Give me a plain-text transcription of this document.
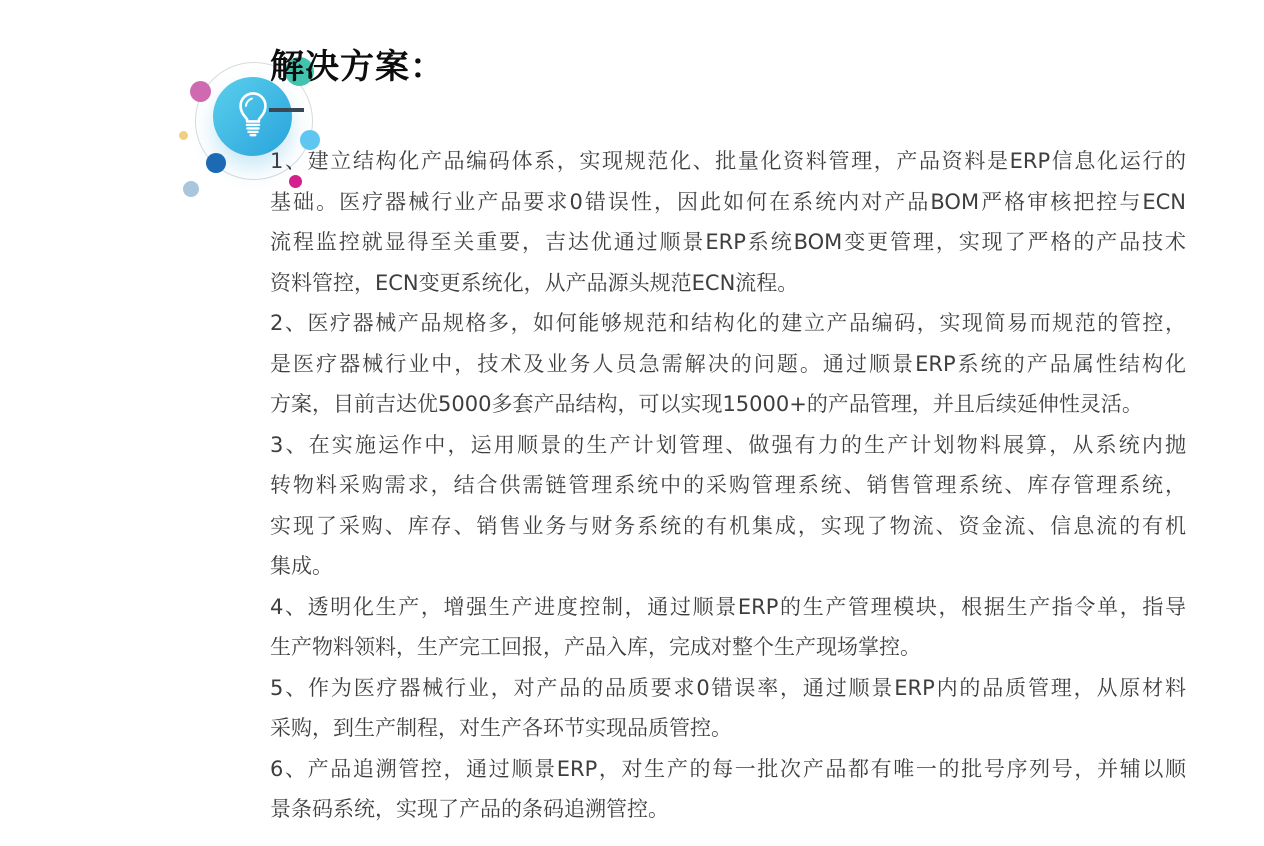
解决方案：
1、建立结构化产品编码体系，实现规范化、批量化资料管理，产品资料是ERP信息化运行的
基础。医疗器械行业产品要求0错误性，因此如何在系统内对产品BOM严格审核把控与ECN
流程监控就显得至关重要，吉达优通过顺景ERP系统BOM变更管理，实现了严格的产品技术
资料管控，ECN变更系统化，从产品源头规范ECN流程。
2、医疗器械产品规格多，如何能够规范和结构化的建立产品编码，实现简易而规范的管控，
是医疗器械行业中，技术及业务人员急需解决的问题。通过顺景ERP系统的产品属性结构化
方案，目前吉达优5000多套产品结构，可以实现15000+的产品管理，并且后续延伸性灵活。
3、在实施运作中，运用顺景的生产计划管理、做强有力的生产计划物料展算，从系统内抛
转物料采购需求，结合供需链管理系统中的采购管理系统、销售管理系统、库存管理系统，
实现了采购、库存、销售业务与财务系统的有机集成，实现了物流、资金流、信息流的有机
集成。
4、透明化生产，增强生产进度控制，通过顺景ERP的生产管理模块，根据生产指令单，指导
生产物料领料，生产完工回报，产品入库，完成对整个生产现场掌控。
5、作为医疗器械行业，对产品的品质要求0错误率，通过顺景ERP内的品质管理，从原材料
采购，到生产制程，对生产各环节实现品质管控。
6、产品追溯管控，通过顺景ERP，对生产的每一批次产品都有唯一的批号序列号，并辅以顺
景条码系统，实现了产品的条码追溯管控。
